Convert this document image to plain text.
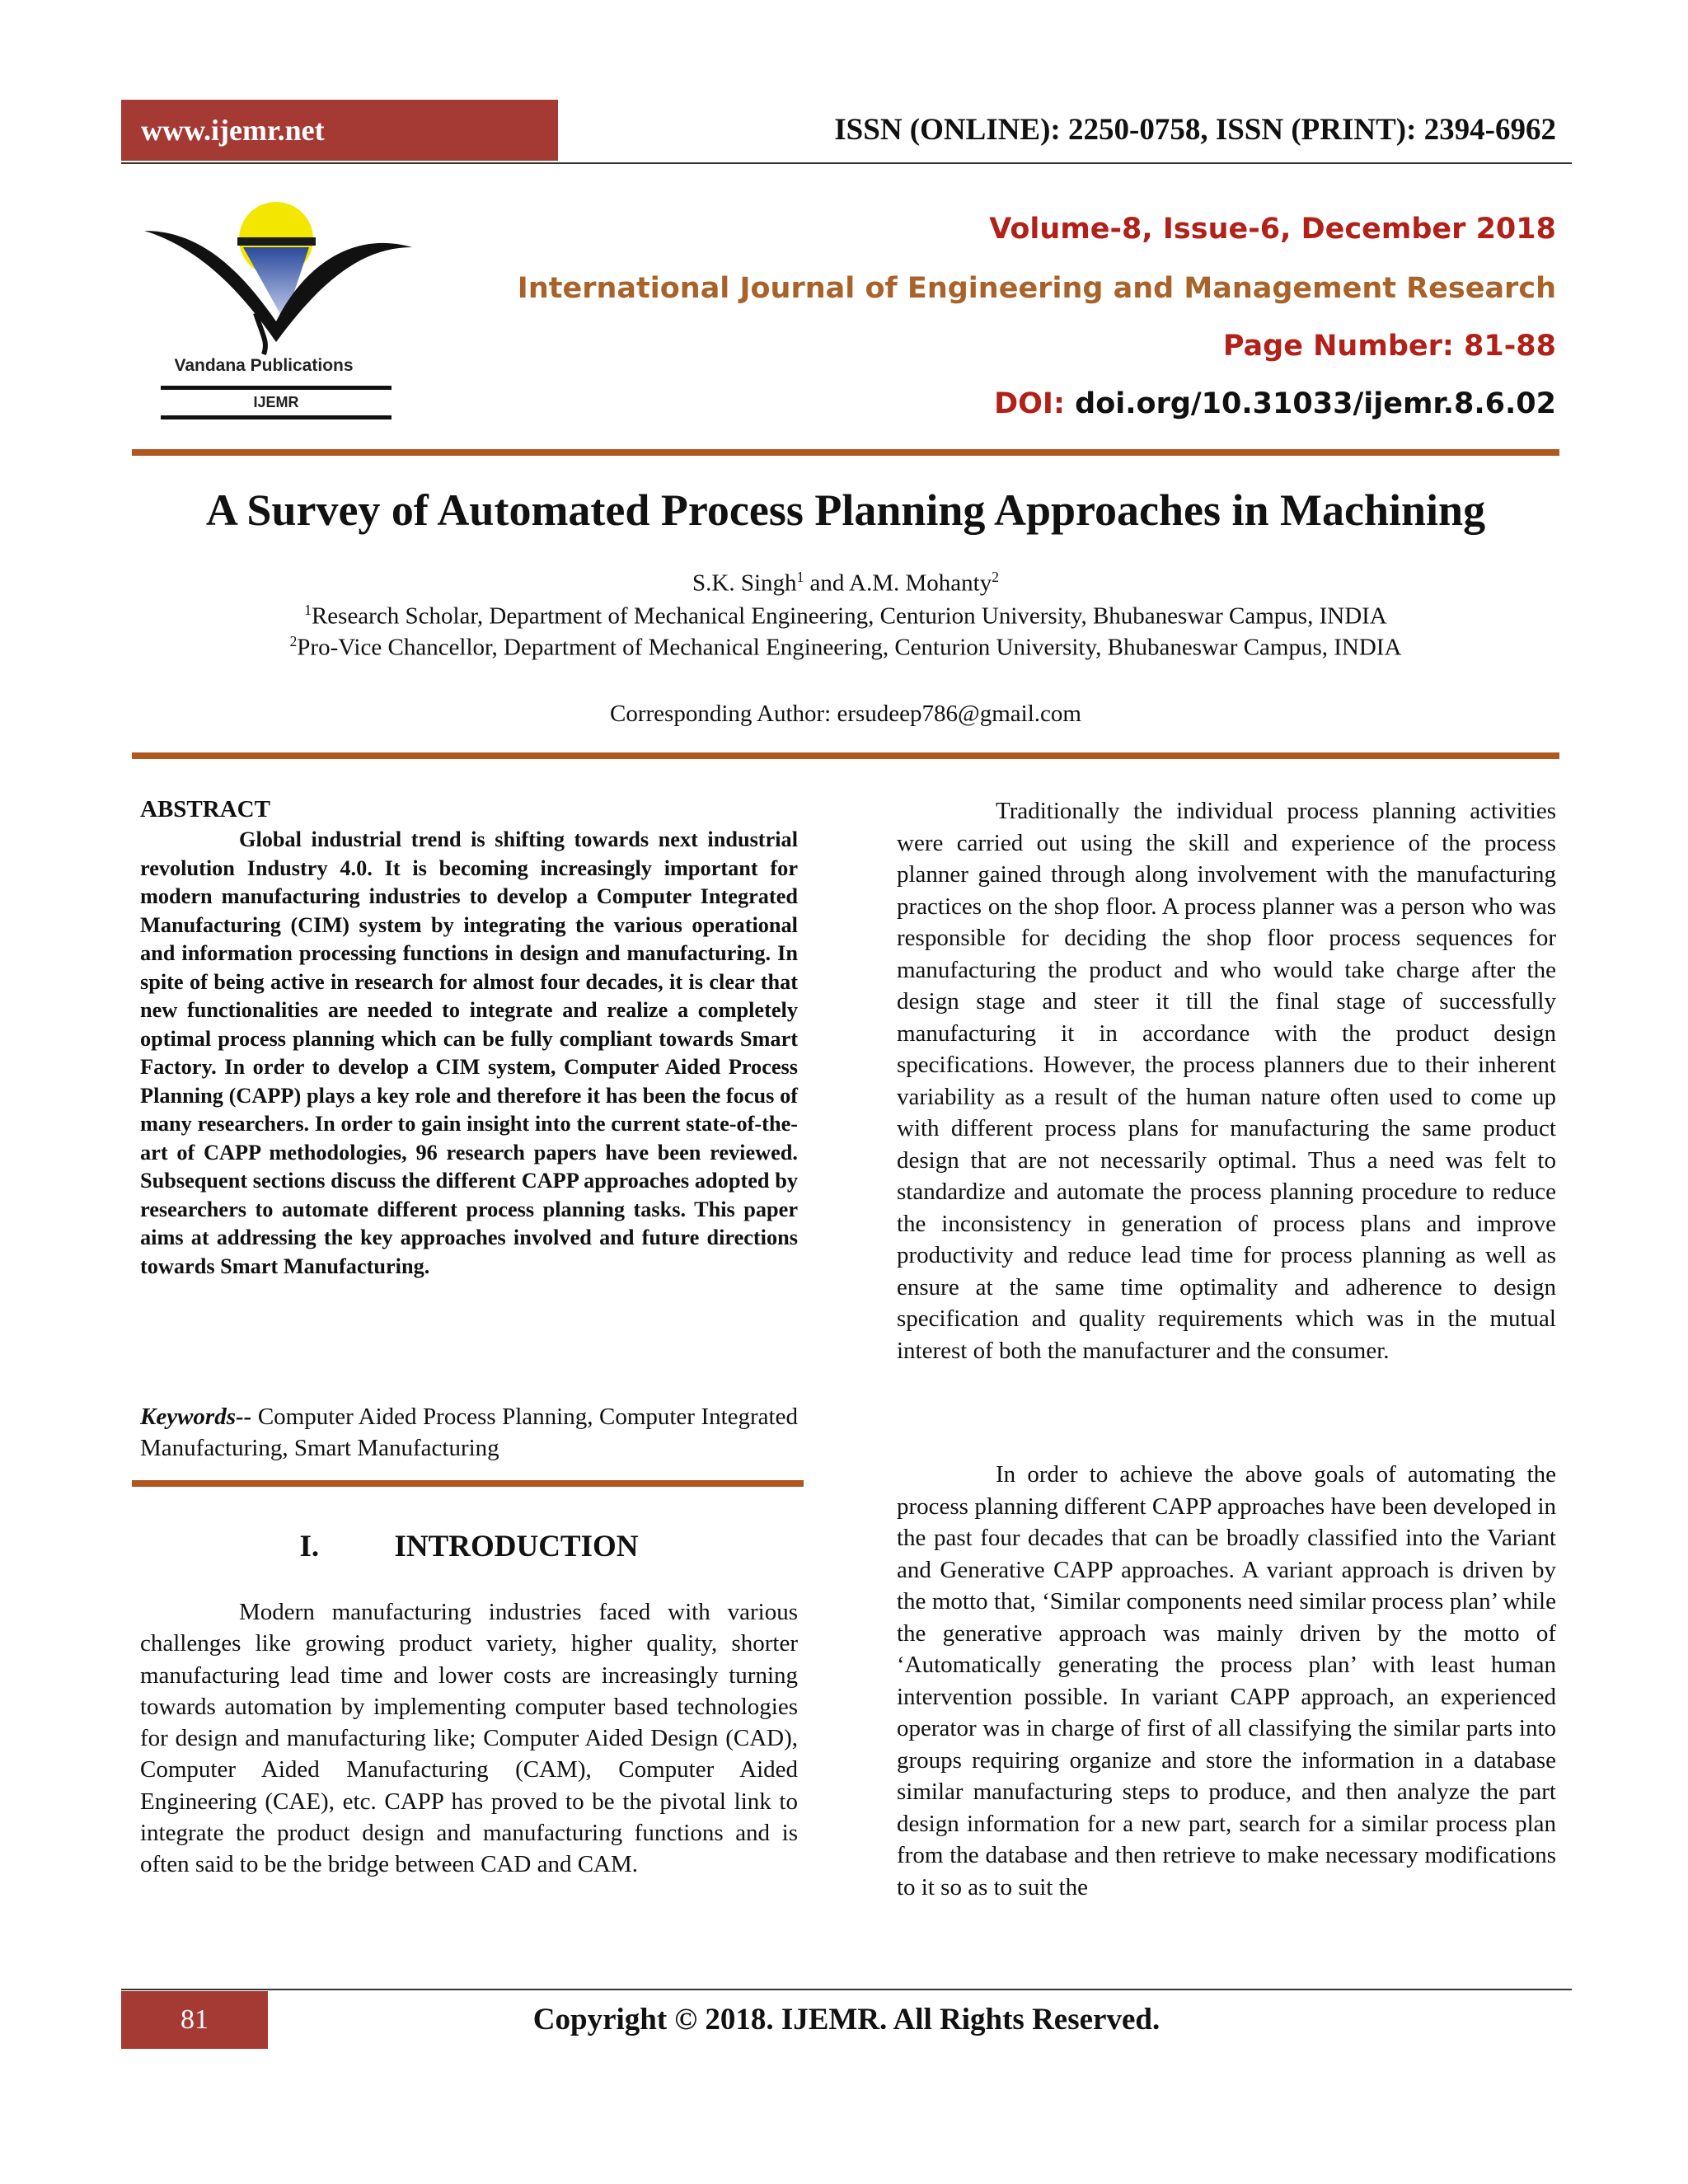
www.ijemr.net	ISSN (ONLINE): 2250-0758, ISSN (PRINT): 2394-6962
Vandana Publications
IJEMR
Volume-8, Issue-6, December 2018
International Journal of Engineering and Management Research
Page Number: 81-88
DOI: doi.org/10.31033/ijemr.8.6.02
A Survey of Automated Process Planning Approaches in Machining
S.K. Singh$^1$ and A.M. Mohanty$^2$
$^1$Research Scholar, Department of Mechanical Engineering, Centurion University, Bhubaneswar Campus, INDIA
$^2$Pro-Vice Chancellor, Department of Mechanical Engineering, Centurion University, Bhubaneswar Campus, INDIA
Corresponding Author: ersudeep786@gmail.com
ABSTRACT
Global industrial trend is shifting towards next industrial revolution Industry 4.0. It is becoming increasingly important for modern manufacturing industries to develop a Computer Integrated Manufacturing (CIM) system by integrating the various operational and information processing functions in design and manufacturing. In spite of being active in research for almost four decades, it is clear that new functionalities are needed to integrate and realize a completely optimal process planning which can be fully compliant towards Smart Factory. In order to develop a CIM system, Computer Aided Process Planning (CAPP) plays a key role and therefore it has been the focus of many researchers. In order to gain insight into the current state-of-the-art of CAPP methodologies, 96 research papers have been reviewed. Subsequent sections discuss the different CAPP approaches adopted by researchers to automate different process planning tasks. This paper aims at addressing the key approaches involved and future directions towards Smart Manufacturing.
Keywords-- Computer Aided Process Planning, Computer Integrated Manufacturing, Smart Manufacturing
I. INTRODUCTION
Modern manufacturing industries faced with various challenges like growing product variety, higher quality, shorter manufacturing lead time and lower costs are increasingly turning towards automation by implementing computer based technologies for design and manufacturing like; Computer Aided Design (CAD), Computer Aided Manufacturing (CAM), Computer Aided Engineering (CAE), etc. CAPP has proved to be the pivotal link to integrate the product design and manufacturing functions and is often said to be the bridge between CAD and CAM.
Traditionally the individual process planning activities were carried out using the skill and experience of the process planner gained through along involvement with the manufacturing practices on the shop floor. A process planner was a person who was responsible for deciding the shop floor process sequences for manufacturing the product and who would take charge after the design stage and steer it till the final stage of successfully manufacturing it in accordance with the product design specifications. However, the process planners due to their inherent variability as a result of the human nature often used to come up with different process plans for manufacturing the same product design that are not necessarily optimal. Thus a need was felt to standardize and automate the process planning procedure to reduce the inconsistency in generation of process plans and improve productivity and reduce lead time for process planning as well as ensure at the same time optimality and adherence to design specification and quality requirements which was in the mutual interest of both the manufacturer and the consumer.
In order to achieve the above goals of automating the process planning different CAPP approaches have been developed in the past four decades that can be broadly classified into the Variant and Generative CAPP approaches. A variant approach is driven by the motto that, ‘Similar components need similar process plan’ while the generative approach was mainly driven by the motto of ‘Automatically generating the process plan’ with least human intervention possible. In variant CAPP approach, an experienced operator was in charge of first of all classifying the similar parts into groups requiring organize and store the information in a database similar manufacturing steps to produce, and then analyze the part design information for a new part, search for a similar process plan from the database and then retrieve to make necessary modifications to it so as to suit the
Copyright © 2018. IJEMR. All Rights Reserved.
81
